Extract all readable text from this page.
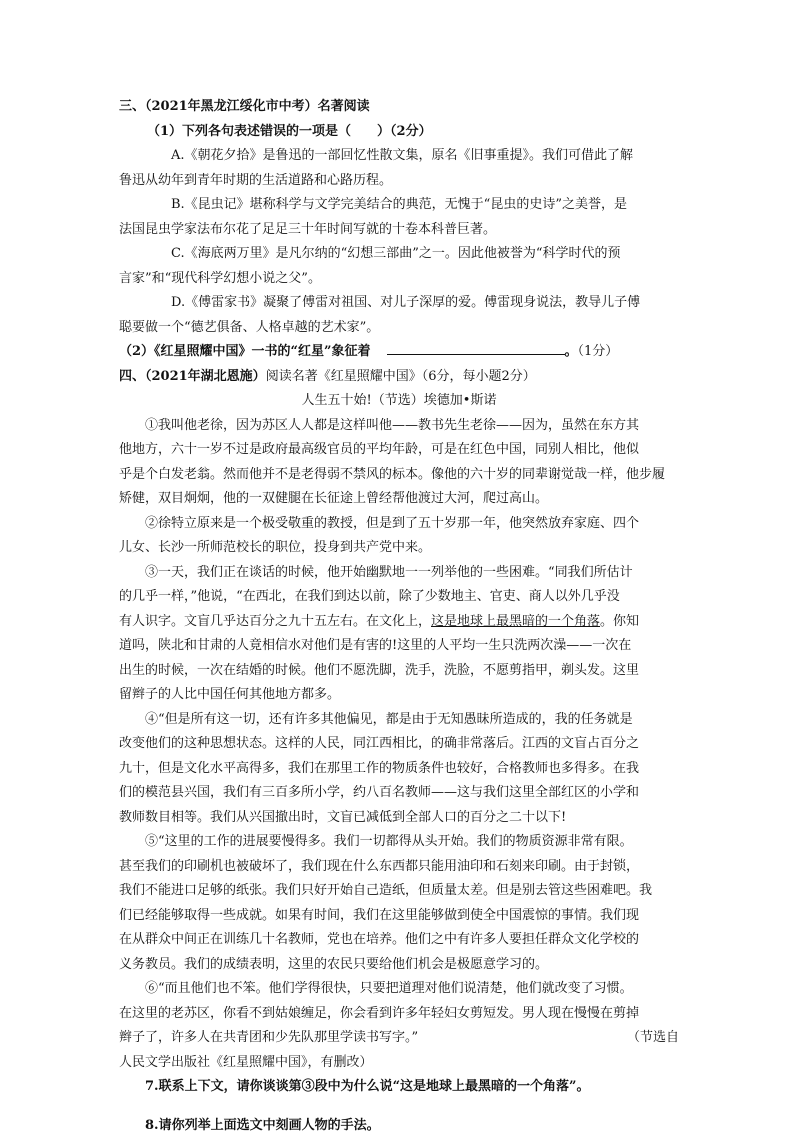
三、（2021年黑龙江绥化市中考）名著阅读
（1）下列各句表述错误的一项是（　　）（2分）
A.《朝花夕拾》是鲁迅的一部回忆性散文集，原名《旧事重提》。我们可借此了解
鲁迅从幼年到青年时期的生活道路和心路历程。
B.《昆虫记》堪称科学与文学完美结合的典范，无愧于“昆虫的史诗”之美誉，是
法国昆虫学家法布尔花了足足三十年时间写就的十卷本科普巨著。
C.《海底两万里》是凡尔纳的“幻想三部曲”之一。因此他被誉为“科学时代的预
言家”和“现代科学幻想小说之父”。
D.《傅雷家书》凝聚了傅雷对祖国、对儿子深厚的爱。傅雷现身说法，教导儿子傅
聪要做一个“德艺俱备、人格卓越的艺术家”。
（2）《红星照耀中国》一书的“红星”象征着	。（1分）
四、（2021年湖北恩施）阅读名著《红星照耀中国》（6分，每小题2分）
人生五十始!（节选）埃德加•斯诺
①我叫他老徐，因为苏区人人都是这样叫他——教书先生老徐——因为，虽然在东方其
他地方，六十一岁不过是政府最高级官员的平均年龄，可是在红色中国，同别人相比，他似
乎是个白发老翁。然而他并不是老得弱不禁风的标本。像他的六十岁的同辈谢觉哉一样，他步履
矫健，双目炯炯，他的一双健腿在长征途上曾经帮他渡过大河，爬过高山。
②徐特立原来是一个极受敬重的教授，但是到了五十岁那一年，他突然放弃家庭、四个
儿女、长沙一所师范校长的职位，投身到共产党中来。
③一天，我们正在谈话的时候，他开始幽默地一一列举他的一些困难。“同我们所估计
的几乎一样，”他说，“在西北，在我们到达以前，除了少数地主、官吏、商人以外几乎没
有人识字。文盲几乎达百分之九十五左右。在文化上，这是地球上最黑暗的一个角落。你知
道吗，陕北和甘肃的人竟相信水对他们是有害的!这里的人平均一生只洗两次澡——一次在
出生的时候，一次在结婚的时候。他们不愿洗脚，洗手，洗脸，不愿剪指甲，剃头发。这里
留辫子的人比中国任何其他地方都多。
④“但是所有这一切，还有许多其他偏见，都是由于无知愚昧所造成的，我的任务就是
改变他们的这种思想状态。这样的人民，同江西相比，的确非常落后。江西的文盲占百分之
九十，但是文化水平高得多，我们在那里工作的物质条件也较好，合格教师也多得多。在我
们的模范县兴国，我们有三百多所小学，约八百名教师——这与我们这里全部红区的小学和
教师数目相等。我们从兴国撤出时，文盲已减低到全部人口的百分之二十以下!
⑤“这里的工作的进展要慢得多。我们一切都得从头开始。我们的物质资源非常有限。
甚至我们的印刷机也被破坏了，我们现在什么东西都只能用油印和石刻来印刷。由于封锁，
我们不能进口足够的纸张。我们只好开始自己造纸，但质量太差。但是别去管这些困难吧。我
们已经能够取得一些成就。如果有时间，我们在这里能够做到使全中国震惊的事情。我们现
在从群众中间正在训练几十名教师，党也在培养。他们之中有许多人要担任群众文化学校的
义务教员。我们的成绩表明，这里的农民只要给他们机会是极愿意学习的。
⑥“而且他们也不笨。他们学得很快，只要把道理对他们说清楚，他们就改变了习惯。
在这里的老苏区，你看不到姑娘缠足，你会看到许多年轻妇女剪短发。男人现在慢慢在剪掉
辫子了，许多人在共青团和少先队那里学读书写字。”	（节选自
人民文学出版社《红星照耀中国》，有删改）
7.联系上下文，请你谈谈第③段中为什么说“这是地球上最黑暗的一个角落”。
8.请你列举上面选文中刻画人物的手法。
